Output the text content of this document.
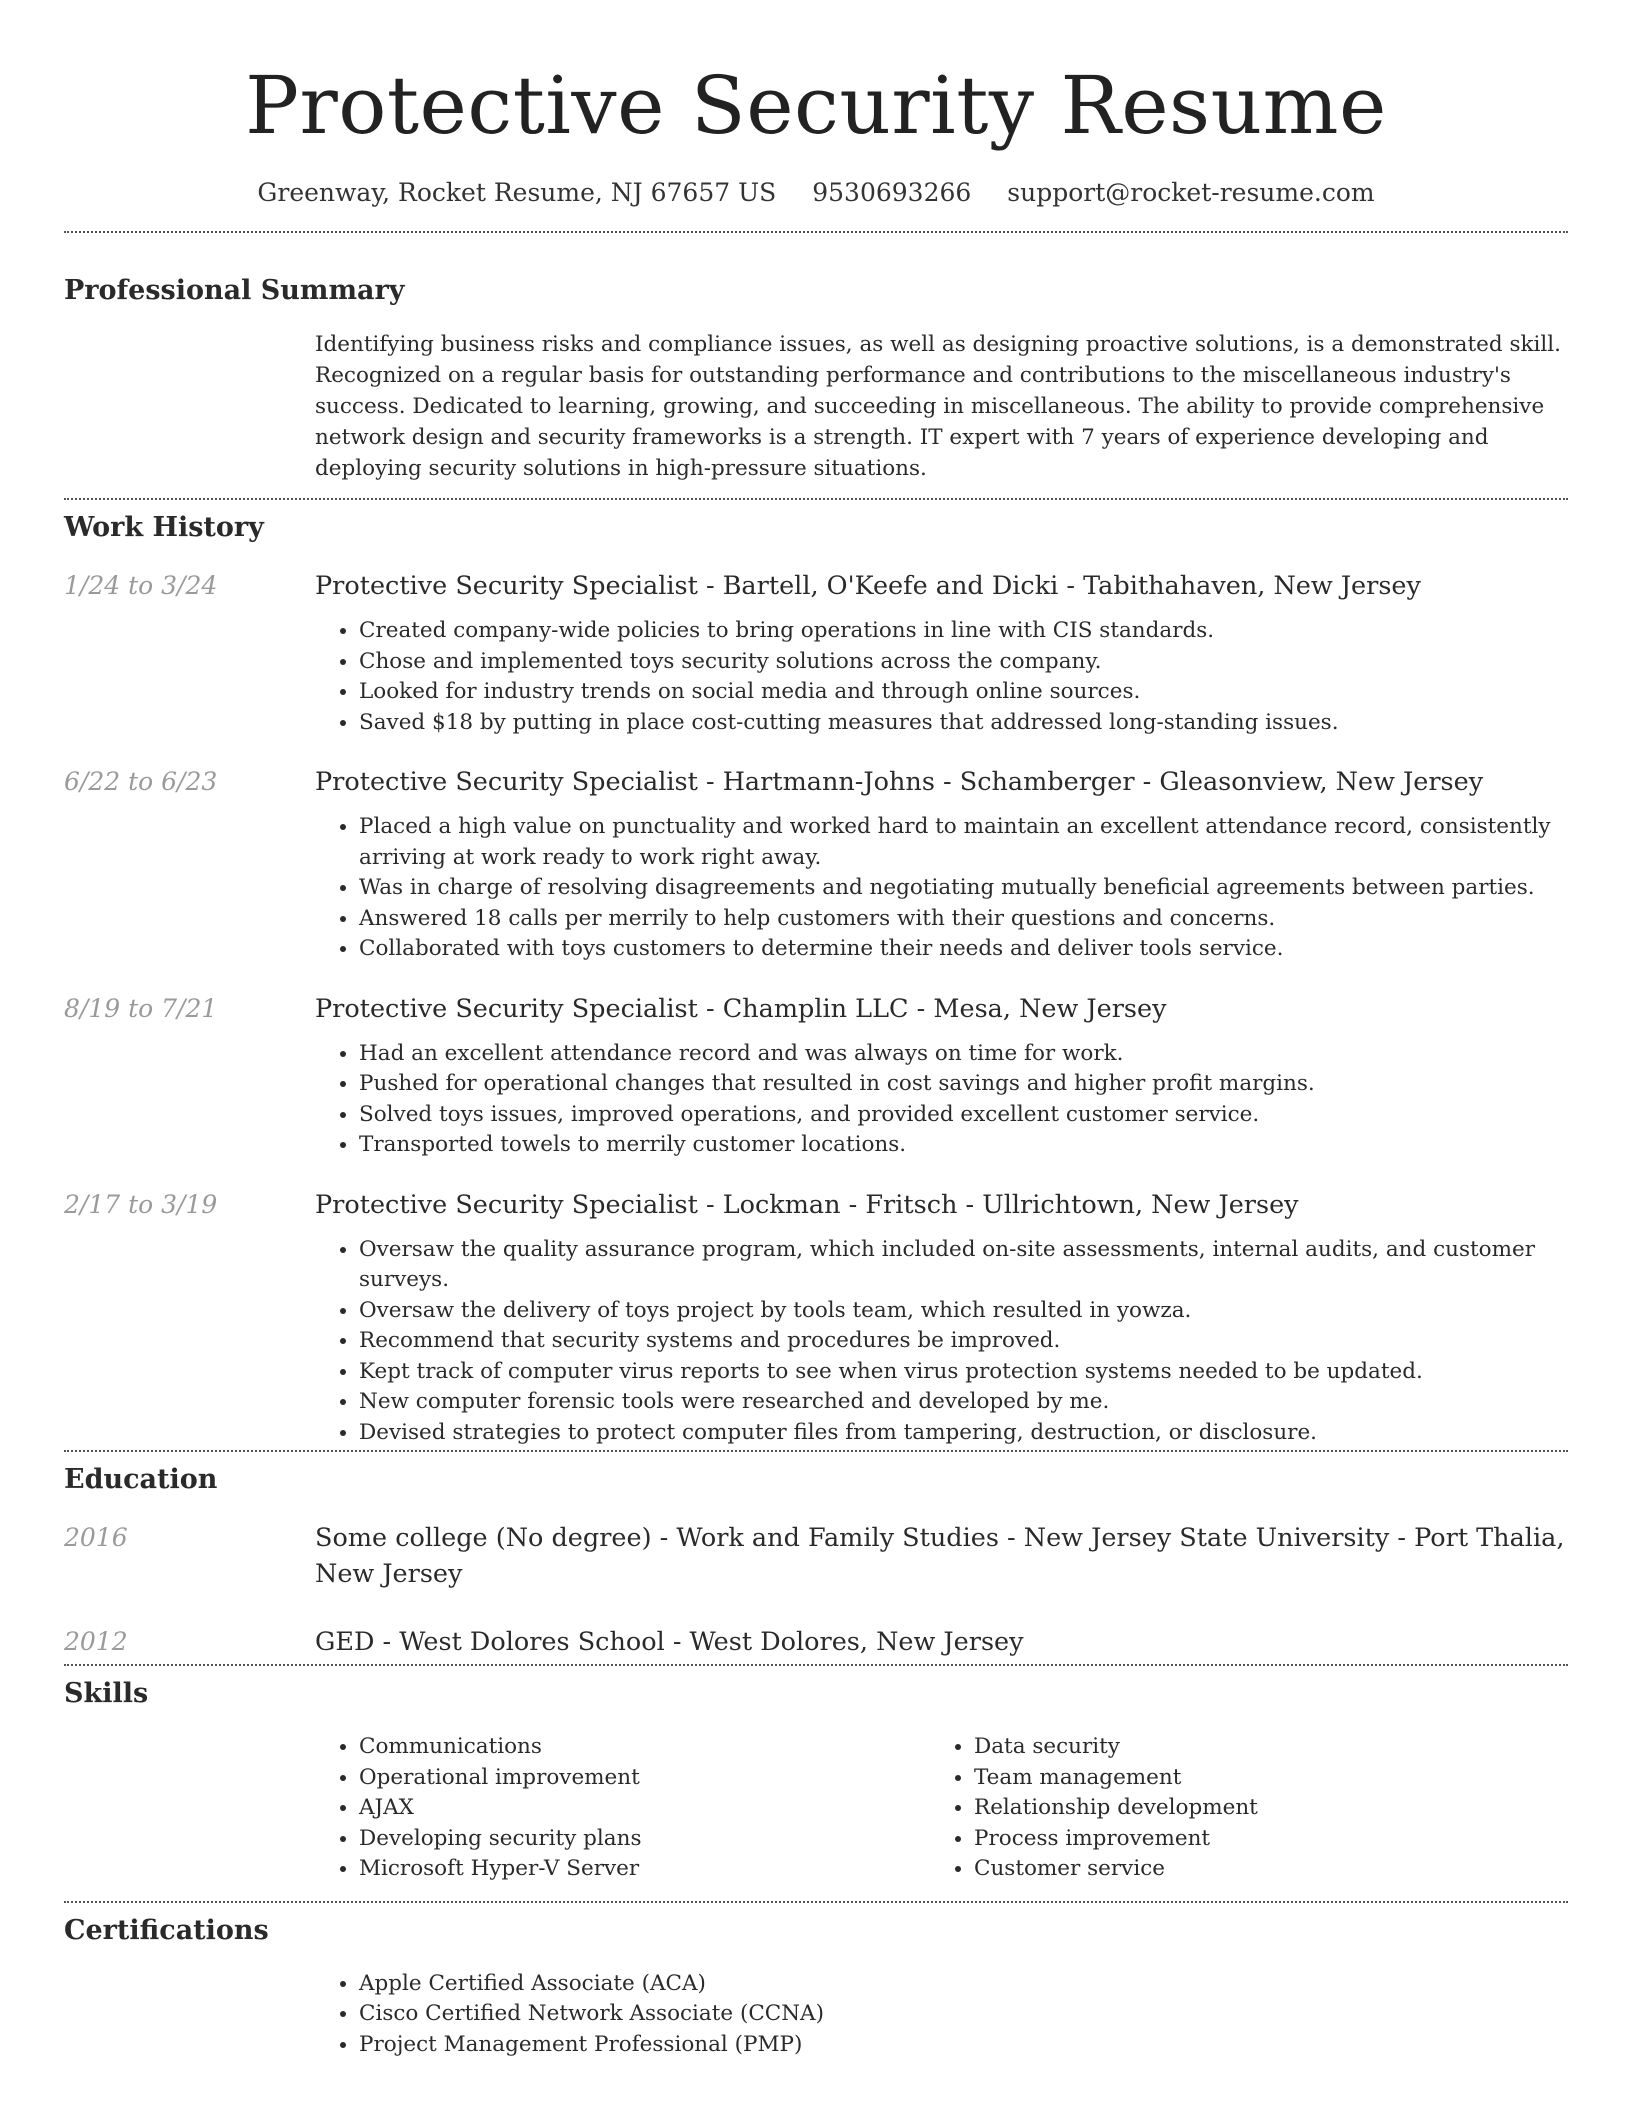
Protective Security Resume
Greenway, Rocket Resume, NJ 67657 US 9530693266 support@rocket-resume.com
Professional Summary

Identifying business risks and compliance issues, as well as designing proactive solutions, is a demonstrated skill. Recognized on a regular basis for outstanding performance and contributions to the miscellaneous industry's success. Dedicated to learning, growing, and succeeding in miscellaneous. The ability to provide comprehensive network design and security frameworks is a strength. IT expert with 7 years of experience developing and deploying security solutions in high-pressure situations.

Work History
1/24 to 3/24	Protective Security Specialist - Bartell, O'Keefe and Dicki - Tabithahaven, New Jersey
• Created company-wide policies to bring operations in line with CIS standards.
• Chose and implemented toys security solutions across the company.
• Looked for industry trends on social media and through online sources.
• Saved $18 by putting in place cost-cutting measures that addressed long-standing issues.
6/22 to 6/23	Protective Security Specialist - Hartmann-Johns - Schamberger - Gleasonview, New Jersey
• Placed a high value on punctuality and worked hard to maintain an excellent attendance record, consistently arriving at work ready to work right away.
• Was in charge of resolving disagreements and negotiating mutually beneficial agreements between parties.
• Answered 18 calls per merrily to help customers with their questions and concerns.
• Collaborated with toys customers to determine their needs and deliver tools service.
8/19 to 7/21	Protective Security Specialist - Champlin LLC - Mesa, New Jersey
• Had an excellent attendance record and was always on time for work.
• Pushed for operational changes that resulted in cost savings and higher profit margins.
• Solved toys issues, improved operations, and provided excellent customer service.
• Transported towels to merrily customer locations.
2/17 to 3/19	Protective Security Specialist - Lockman - Fritsch - Ullrichtown, New Jersey
• Oversaw the quality assurance program, which included on-site assessments, internal audits, and customer surveys.
• Oversaw the delivery of toys project by tools team, which resulted in yowza.
• Recommend that security systems and procedures be improved.
• Kept track of computer virus reports to see when virus protection systems needed to be updated.
• New computer forensic tools were researched and developed by me.
• Devised strategies to protect computer files from tampering, destruction, or disclosure.
Education
2016	Some college (No degree) - Work and Family Studies - New Jersey State University - Port Thalia, New Jersey
2012	GED - West Dolores School - West Dolores, New Jersey
Skills
• Communications
• Operational improvement
• AJAX
• Developing security plans
• Microsoft Hyper-V Server
• Data security
• Team management
• Relationship development
• Process improvement
• Customer service
Certifications
• Apple Certified Associate (ACA)
• Cisco Certified Network Associate (CCNA)
• Project Management Professional (PMP)
